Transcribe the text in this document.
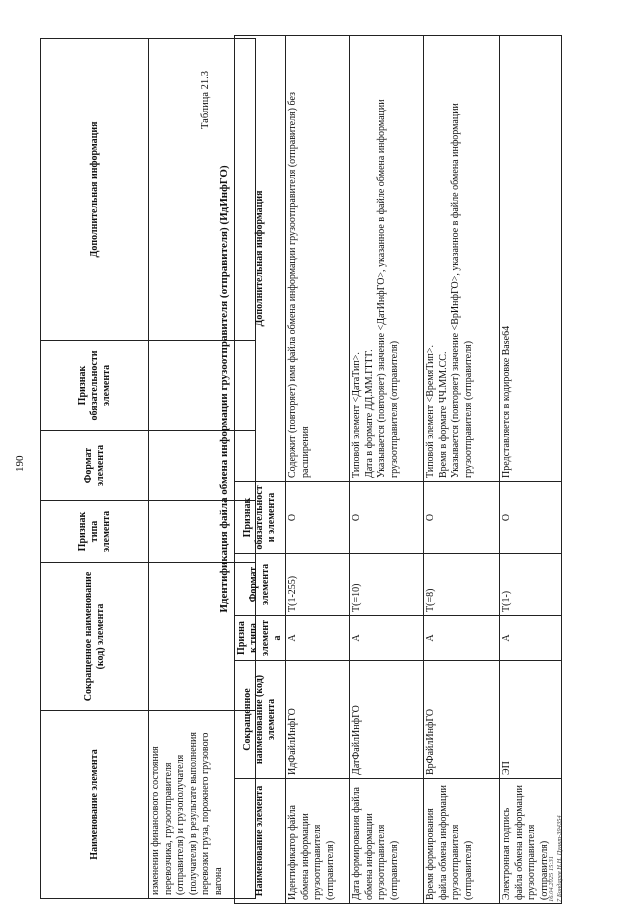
190
Наименование элемента	Сокращенное наименование (код) элемента	Признак типа элемента	Формат элемента	Признак обязательности элемента	Дополнительная информация
изменении финансового состояния перевозчика, грузоотправителя (отправителя) и грузополучателя (получателя) в результате выполнения перевозки груза, порожнего грузового вагона					
Таблица 21.3
Идентификация файла обмена информации грузоотправителя (отправителя) (ИдИнфГО)
Наименование элемента	Сокращенное наименование (код) элемента	Признак типа элемента	Формат элемента	Признак обязательности элемента	Дополнительная информация
Идентификатор файла обмена информации грузоотправителя (отправителя)	ИдФайлИнфГО	А	Т(1-255)	О	Содержит (повторяет) имя файла обмена информации грузоотправителя (отправителя) без расширения
Дата формирования файла обмена информации грузоотправителя (отправителя)	ДатФайлИнфГО	А	Т(=10)	О	Типовой элемент <ДатаТип>.
Дата в формате ДД.ММ.ГГГГ.
Указывается (повторяет) значение <ДатИнфГО>, указанное в файле обмена информации грузоотправителя (отправителя)
Время формирования файла обмена информации грузоотправителя (отправителя)	ВрФайлИнфГО	А	Т(=8)	О	Типовой элемент <ВремяТип>.
Время в формате ЧЧ.ММ.СС.
Указывается (повторяет) значение <ВрИнфГО>, указанное в файле обмена информации грузоотправителя (отправителя)
Электронная подпись файла обмена информации грузоотправителя (отправителя)	ЭП	А	Т(1-)	О	Представляется в кодировке Base64
16.04.2025 15:31 7 Бондарев Н.Н. Пункт-394354
